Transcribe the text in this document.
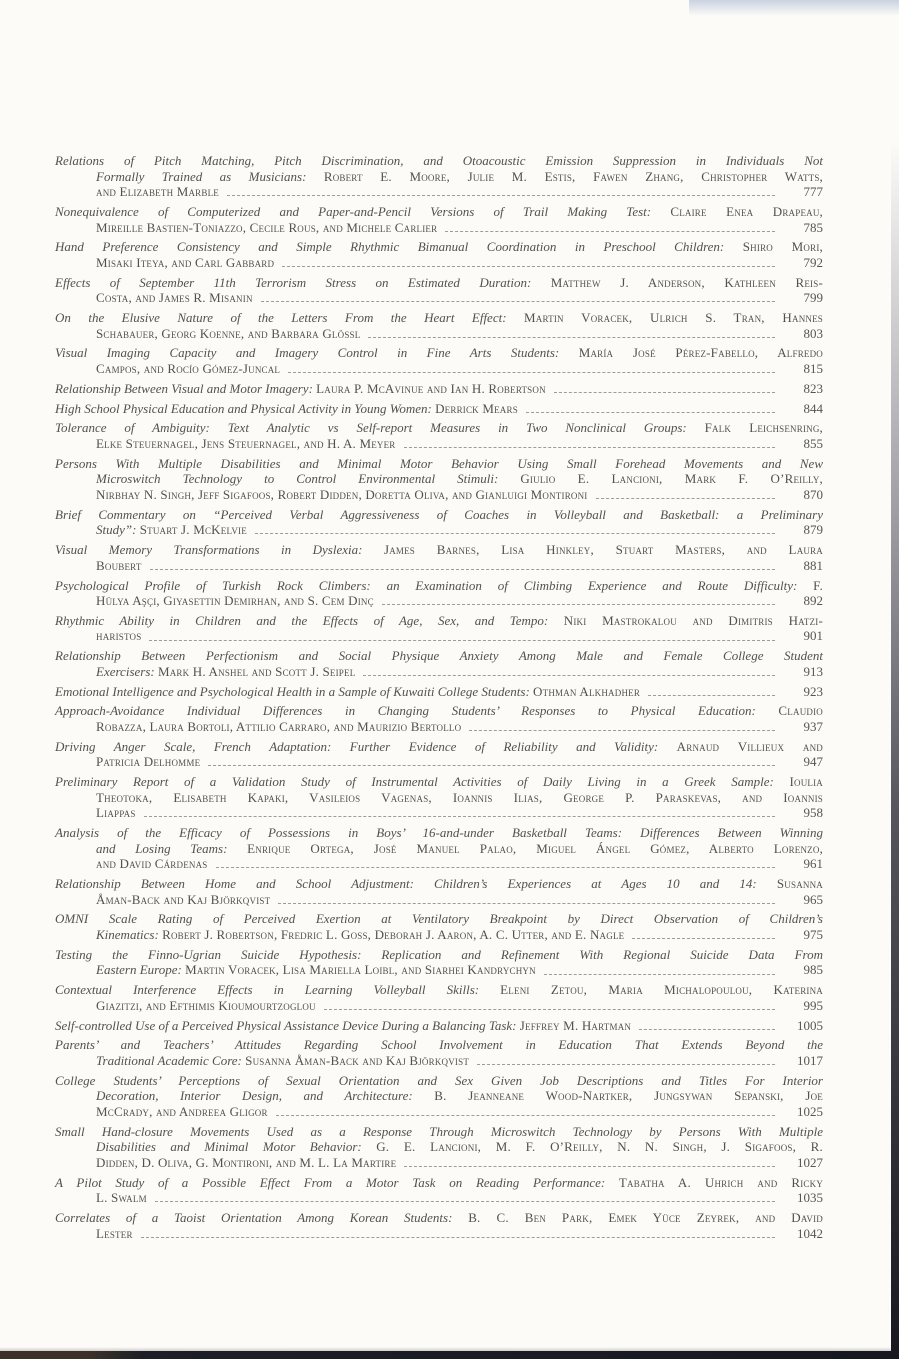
Relations of Pitch Matching, Pitch Discrimination, and Otoacoustic Emission Suppression in Individuals Not
Formally Trained as Musicians: Robert E. Moore, Julie M. Estis, Fawen Zhang, Christopher Watts,
and Elizabeth Marble	777
Nonequivalence of Computerized and Paper-and-Pencil Versions of Trail Making Test: Claire Enea Drapeau,
Mireille Bastien-Toniazzo, Cecile Rous, and Michele Carlier	785
Hand Preference Consistency and Simple Rhythmic Bimanual Coordination in Preschool Children: Shiro Mori,
Misaki Iteya, and Carl Gabbard	792
Effects of September 11th Terrorism Stress on Estimated Duration: Matthew J. Anderson, Kathleen Reis-
Costa, and James R. Misanin	799
On the Elusive Nature of the Letters From the Heart Effect: Martin Voracek, Ulrich S. Tran, Hannes
Schabauer, Georg Koenne, and Barbara Glössl	803
Visual Imaging Capacity and Imagery Control in Fine Arts Students: María José Pérez-Fabello, Alfredo
Campos, and Rocío Gómez-Juncal	815
Relationship Between Visual and Motor Imagery: Laura P. McAvinue and Ian H. Robertson	823
High School Physical Education and Physical Activity in Young Women: Derrick Mears	844
Tolerance of Ambiguity: Text Analytic vs Self-report Measures in Two Nonclinical Groups: Falk Leichsenring,
Elke Steuernagel, Jens Steuernagel, and H. A. Meyer	855
Persons With Multiple Disabilities and Minimal Motor Behavior Using Small Forehead Movements and New
Microswitch Technology to Control Environmental Stimuli: Giulio E. Lancioni, Mark F. O’Reilly,
Nirbhay N. Singh, Jeff Sigafoos, Robert Didden, Doretta Oliva, and Gianluigi Montironi	870
Brief Commentary on “Perceived Verbal Aggressiveness of Coaches in Volleyball and Basketball: a Preliminary
Study”: Stuart J. McKelvie	879
Visual Memory Transformations in Dyslexia: James Barnes, Lisa Hinkley, Stuart Masters, and Laura
Boubert	881
Psychological Profile of Turkish Rock Climbers: an Examination of Climbing Experience and Route Difficulty: F.
Hülya Aşçı, Giyasettin Demirhan, and S. Cem Dinç	892
Rhythmic Ability in Children and the Effects of Age, Sex, and Tempo: Niki Mastrokalou and Dimitris Hatzi-
haristos	901
Relationship Between Perfectionism and Social Physique Anxiety Among Male and Female College Student
Exercisers: Mark H. Anshel and Scott J. Seipel	913
Emotional Intelligence and Psychological Health in a Sample of Kuwaiti College Students: Othman Alkhadher	923
Approach-Avoidance Individual Differences in Changing Students’ Responses to Physical Education: Claudio
Robazza, Laura Bortoli, Attilio Carraro, and Maurizio Bertollo	937
Driving Anger Scale, French Adaptation: Further Evidence of Reliability and Validity: Arnaud Villieux and
Patricia Delhomme	947
Preliminary Report of a Validation Study of Instrumental Activities of Daily Living in a Greek Sample: Ioulia
Theotoka, Elisabeth Kapaki, Vasileios Vagenas, Ioannis Ilias, George P. Paraskevas, and Ioannis
Liappas	958
Analysis of the Efficacy of Possessions in Boys’ 16-and-under Basketball Teams: Differences Between Winning
and Losing Teams: Enrique Ortega, José Manuel Palao, Miguel Ángel Gómez, Alberto Lorenzo,
and David Cárdenas	961
Relationship Between Home and School Adjustment: Children’s Experiences at Ages 10 and 14: Susanna
Åman-Back and Kaj Björkqvist	965
OMNI Scale Rating of Perceived Exertion at Ventilatory Breakpoint by Direct Observation of Children’s
Kinematics: Robert J. Robertson, Fredric L. Goss, Deborah J. Aaron, A. C. Utter, and E. Nagle	975
Testing the Finno-Ugrian Suicide Hypothesis: Replication and Refinement With Regional Suicide Data From
Eastern Europe: Martin Voracek, Lisa Mariella Loibl, and Siarhei Kandrychyn	985
Contextual Interference Effects in Learning Volleyball Skills: Eleni Zetou, Maria Michalopoulou, Katerina
Giazitzi, and Efthimis Kioumourtzoglou	995
Self-controlled Use of a Perceived Physical Assistance Device During a Balancing Task: Jeffrey M. Hartman	1005
Parents’ and Teachers’ Attitudes Regarding School Involvement in Education That Extends Beyond the
Traditional Academic Core: Susanna Åman-Back and Kaj Björkqvist	1017
College Students’ Perceptions of Sexual Orientation and Sex Given Job Descriptions and Titles For Interior
Decoration, Interior Design, and Architecture: B. Jeanneane Wood-Nartker, Jungsywan Sepanski, Joe
McCrady, and Andreea Gligor	1025
Small Hand-closure Movements Used as a Response Through Microswitch Technology by Persons With Multiple
Disabilities and Minimal Motor Behavior: G. E. Lancioni, M. F. O’Reilly, N. N. Singh, J. Sigafoos, R.
Didden, D. Oliva, G. Montironi, and M. L. La Martire	1027
A Pilot Study of a Possible Effect From a Motor Task on Reading Performance: Tabatha A. Uhrich and Ricky
L. Swalm	1035
Correlates of a Taoist Orientation Among Korean Students: B. C. Ben Park, Emek Yüce Zeyrek, and David
Lester	1042
